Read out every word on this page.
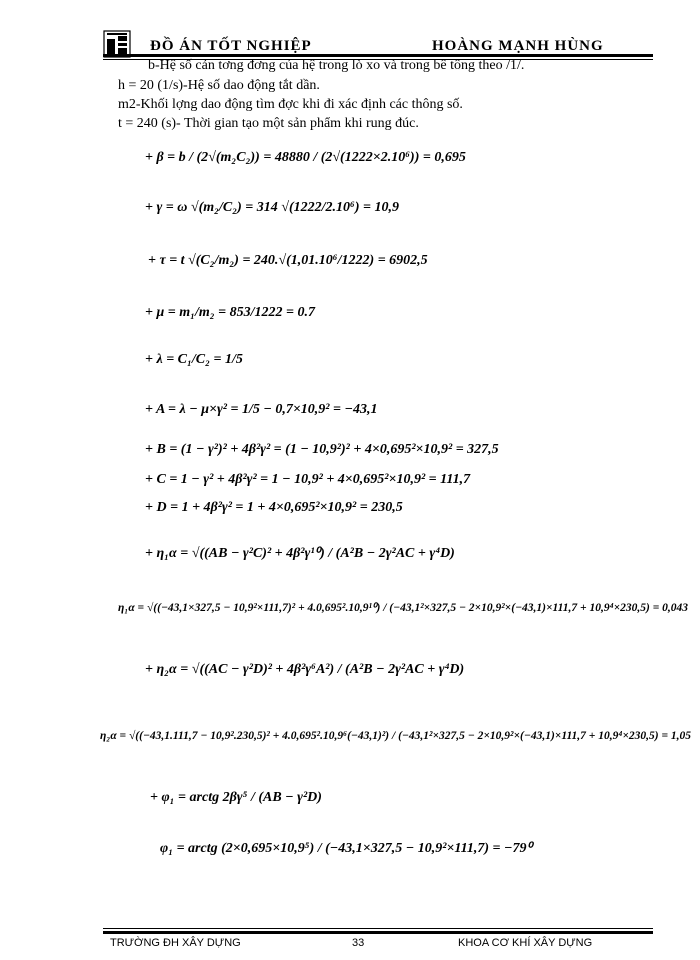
ĐỒ ÁN TỐT NGHIỆP	HOÀNG MẠNH HÙNG
b-Hệ số cản tơng đơng của hệ trong lò xo và trong bê tông theo /1/.
h = 20 (1/s)-Hệ số dao động tắt dần.
m2-Khối lợng dao động tìm đợc khi đi xác định các thông số.
t = 240 (s)- Thời gian tạo một sản phẩm khi rung đúc.
+ β = b / (2√(m₂C₂)) = 48880 / (2√(1222×2.10⁶)) = 0,695
+ γ = ω √(m₂/C₂) = 314 √(1222/2.10⁶) = 10,9
+ τ = t √(C₂/m₂) = 240.√(1,01.10⁶/1222) = 6902,5
+ μ = m₁/m₂ = 853/1222 = 0.7
+ λ = C₁/C₂ = 1/5
+ A = λ − μ×γ² = 1/5 − 0,7×10,9² = −43,1
+ B = (1 − γ²)² + 4β²γ² = (1 − 10,9²)² + 4×0,695²×10,9² = 327,5
+ C = 1 − γ² + 4β²γ² = 1 − 10,9² + 4×0,695²×10,9² = 111,7
+ D = 1 + 4β²γ² = 1 + 4×0,695²×10,9² = 230,5
+ η₁α = √((AB − γ²C)² + 4β²γ¹⁰) / (A²B − 2γ²AC + γ⁴D)
η₁α = √((−43,1×327,5 − 10,9²×111,7)² + 4.0,695².10,9¹⁰) / (−43,1²×327,5 − 2×10,9²×(−43,1)×111,7 + 10,9⁴×230,5) = 0,043
+ η₂α = √((AC − γ²D)² + 4β²γ⁶A²) / (A²B − 2γ²AC + γ⁴D)
η₂α = √((−43,1.111,7 − 10,9².230,5)² + 4.0,695².10,9⁶(−43,1)²) / (−43,1²×327,5 − 2×10,9²×(−43,1)×111,7 + 10,9⁴×230,5) = 1,05
+ φ₁ = arctg 2βγ⁵ / (AB − γ²D)
φ₁ = arctg (2×0,695×10,9⁵) / (−43,1×327,5 − 10,9²×111,7) = −79⁰
TRƯỜNG ĐH XÂY DỰNG	33	KHOA CƠ KHÍ XÂY DỰNG
